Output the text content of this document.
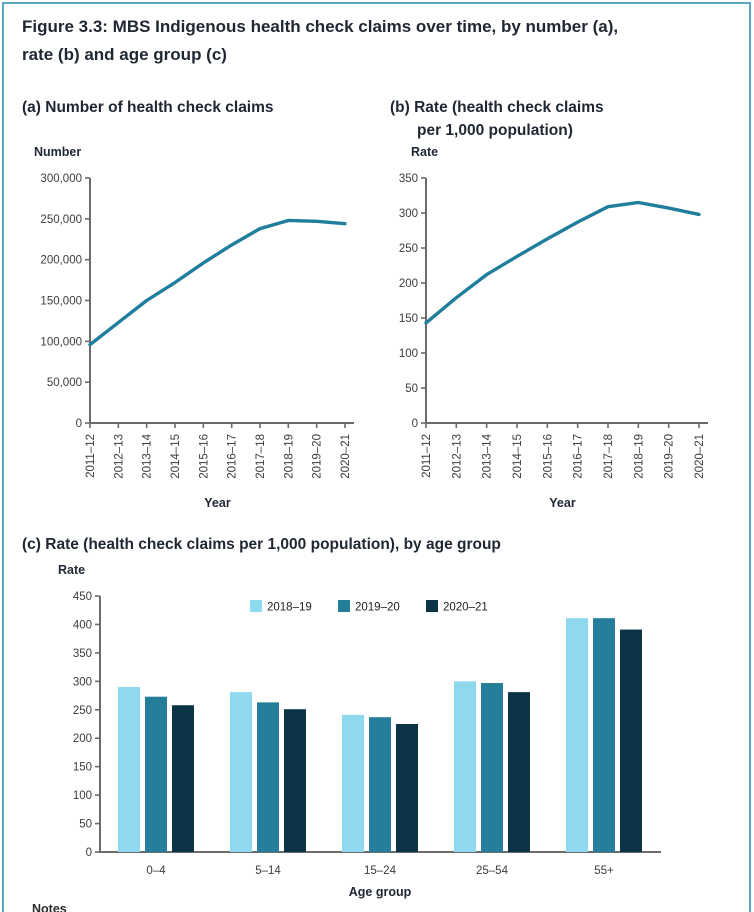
Figure 3.3: MBS Indigenous health check claims over time, by number (a),
rate (b) and age group (c)
(a) Number of health check claims	(b) Rate (health check claims
per 1,000 population)
0
50,000
100,000
150,000
200,000
250,000
300,000
Number
2011–12 2012–13 2013–14 2014–15 2015–16 2016–17 2017–18 2018–19 2019–20 2020–21
Year
0
50
100
150
200
250
300
350
Rate
2011–12 2012–13 2013–14 2014–15 2015–16 2016–17 2017–18 2018–19 2019–20 2020–21
Year
(c) Rate (health check claims per 1,000 population), by age group
0
50
100
150
200
250
300
350
400
450
Rate
0–4	5–14	15–24	25–54	55+
2018–19	2019–20	2020–21
Age group
Notes
